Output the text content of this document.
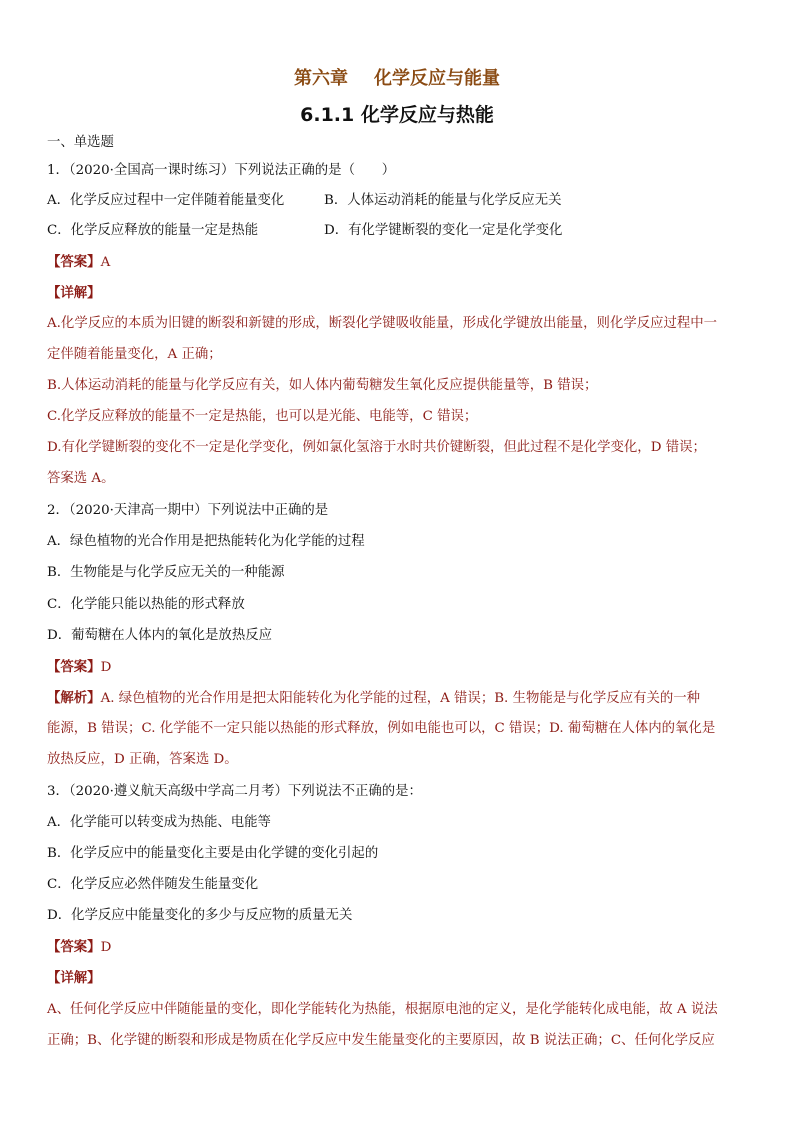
第六章 化学反应与能量
6.1.1 化学反应与热能
一、单选题
1．（2020·全国高一课时练习）下列说法正确的是（　　）
A．化学反应过程中一定伴随着能量变化	B．人体运动消耗的能量与化学反应无关
C．化学反应释放的能量一定是热能	D．有化学键断裂的变化一定是化学变化
【答案】A
【详解】
A.化学反应的本质为旧键的断裂和新键的形成，断裂化学键吸收能量，形成化学键放出能量，则化学反应过程中一
定伴随着能量变化，A 正确；
B.人体运动消耗的能量与化学反应有关，如人体内葡萄糖发生氧化反应提供能量等，B 错误；
C.化学反应释放的能量不一定是热能，也可以是光能、电能等，C 错误；
D.有化学键断裂的变化不一定是化学变化，例如氯化氢溶于水时共价键断裂，但此过程不是化学变化，D 错误；
答案选 A。
2．（2020·天津高一期中）下列说法中正确的是
A．绿色植物的光合作用是把热能转化为化学能的过程
B．生物能是与化学反应无关的一种能源
C．化学能只能以热能的形式释放
D．葡萄糖在人体内的氧化是放热反应
【答案】D
【解析】A. 绿色植物的光合作用是把太阳能转化为化学能的过程，A 错误；B. 生物能是与化学反应有关的一种
能源，B 错误；C. 化学能不一定只能以热能的形式释放，例如电能也可以，C 错误；D. 葡萄糖在人体内的氧化是
放热反应，D 正确，答案选 D。
3．（2020·遵义航天高级中学高二月考）下列说法不正确的是：
A．化学能可以转变成为热能、电能等
B．化学反应中的能量变化主要是由化学键的变化引起的
C．化学反应必然伴随发生能量变化
D．化学反应中能量变化的多少与反应物的质量无关
【答案】D
【详解】
A、任何化学反应中伴随能量的变化，即化学能转化为热能，根据原电池的定义，是化学能转化成电能，故 A 说法
正确；B、化学键的断裂和形成是物质在化学反应中发生能量变化的主要原因，故 B 说法正确；C、任何化学反应
